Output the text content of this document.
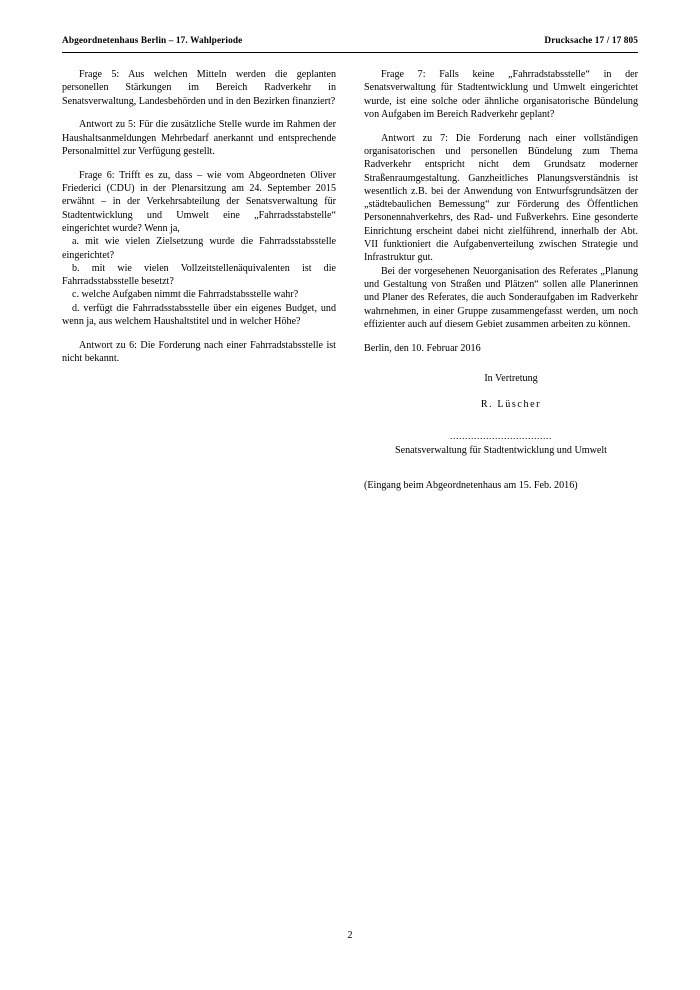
Abgeordnetenhaus Berlin – 17. Wahlperiode	Drucksache 17 / 17 805

Frage 5: Aus welchen Mitteln werden die geplanten personellen Stärkungen im Bereich Radverkehr in Senatsverwaltung, Landesbehörden und in den Bezirken finanziert?

Antwort zu 5: Für die zusätzliche Stelle wurde im Rahmen der Haushaltsanmeldungen Mehrbedarf anerkannt und entsprechende Personalmittel zur Verfügung gestellt.

Frage 6: Trifft es zu, dass – wie vom Abgeordneten Oliver Friederici (CDU) in der Plenarsitzung am 24. September 2015 erwähnt – in der Verkehrsabteilung der Senatsverwaltung für Stadtentwicklung und Umwelt eine „Fahrradsstabstelle“ eingerichtet wurde? Wenn ja,

a. mit wie vielen Zielsetzung wurde die Fahrradsstabsstelle eingerichtet?

b. mit wie vielen Vollzeitstellenäquivalenten ist die Fahrradsstabsstelle besetzt?

c. welche Aufgaben nimmt die Fahrradstabsstelle wahr?

d. verfügt die Fahrradsstabsstelle über ein eigenes Budget, und wenn ja, aus welchem Haushaltstitel und in welcher Höhe?

Antwort zu 6: Die Forderung nach einer Fahrradstabsstelle ist nicht bekannt.

Frage 7: Falls keine „Fahrradstabsstelle“ in der Senatsverwaltung für Stadtentwicklung und Umwelt eingerichtet wurde, ist eine solche oder ähnliche organisatorische Bündelung von Aufgaben im Bereich Radverkehr geplant?

Antwort zu 7: Die Forderung nach einer vollständigen organisatorischen und personellen Bündelung zum Thema Radverkehr entspricht nicht dem Grundsatz moderner Straßenraumgestaltung. Ganzheitliches Planungsverständnis ist wesentlich z.B. bei der Anwendung von Entwurfsgrundsätzen der „städtebaulichen Bemessung“ zur Förderung des Öffentlichen Personennahverkehrs, des Rad- und Fußverkehrs. Eine gesonderte Einrichtung erscheint dabei nicht zielführend, innerhalb der Abt. VII funktioniert die Aufgabenverteilung zwischen Strategie und Infrastruktur gut.

Bei der vorgesehenen Neuorganisation des Referates „Planung und Gestaltung von Straßen und Plätzen“ sollen alle Planerinnen und Planer des Referates, die auch Sonderaufgaben im Radverkehr wahrnehmen, in einer Gruppe zusammengefasst werden, um noch effizienter auch auf diesem Gebiet zusammen arbeiten zu können.

Berlin, den 10. Februar 2016

In Vertretung

R. Lüscher

..................................

Senatsverwaltung für Stadtentwicklung und Umwelt

(Eingang beim Abgeordnetenhaus am 15. Feb. 2016)

2
